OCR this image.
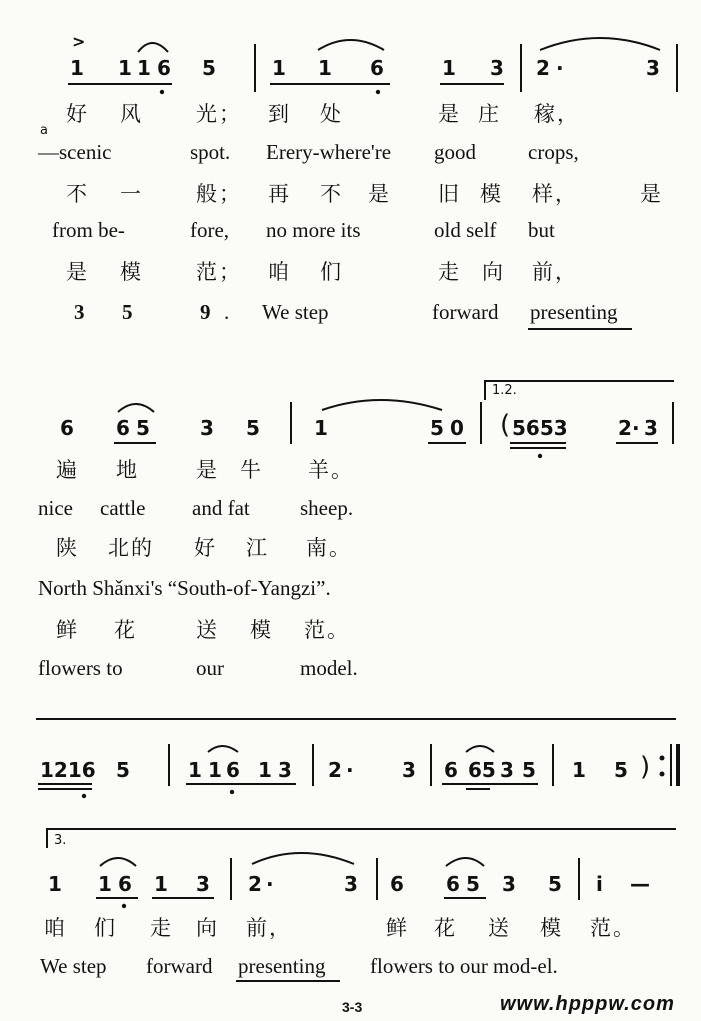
>
1 1 1 6 5	1 1 6	1 3 2 ·	3
好 风	光； 到 处	是 庄 稼，
a
—scenic	spot. Erery-where're good crops,
不 一	般； 再 不 是 旧 模 样，	是
from be-	fore, no more its	old self but
是 模	范； 咱 们	走 向 前，
3 5	9 . We step	forward presenting
1.2.
6 6 5	3 5	1	5 0 ( 5653	2 · 3
遍 地	是 牛 羊。
nice cattle and fat sheep.
陕 北的 好 江 南。
North Shǎnxi's “South-of-Yangzi”.
鲜 花	送 模 范。
flowers to	our	model.
1216 5	1 1 6 1 3 2 · 3 6 65 3 5 1 5 )
3.
1 1 6 1 3 2 ·	3 6 6 5 3 5 i —
咱 们 走 向 前，	鲜 花 送 模 范。
We step forward presenting flowers to our mod-el.
3-3	www.hpppw.com
